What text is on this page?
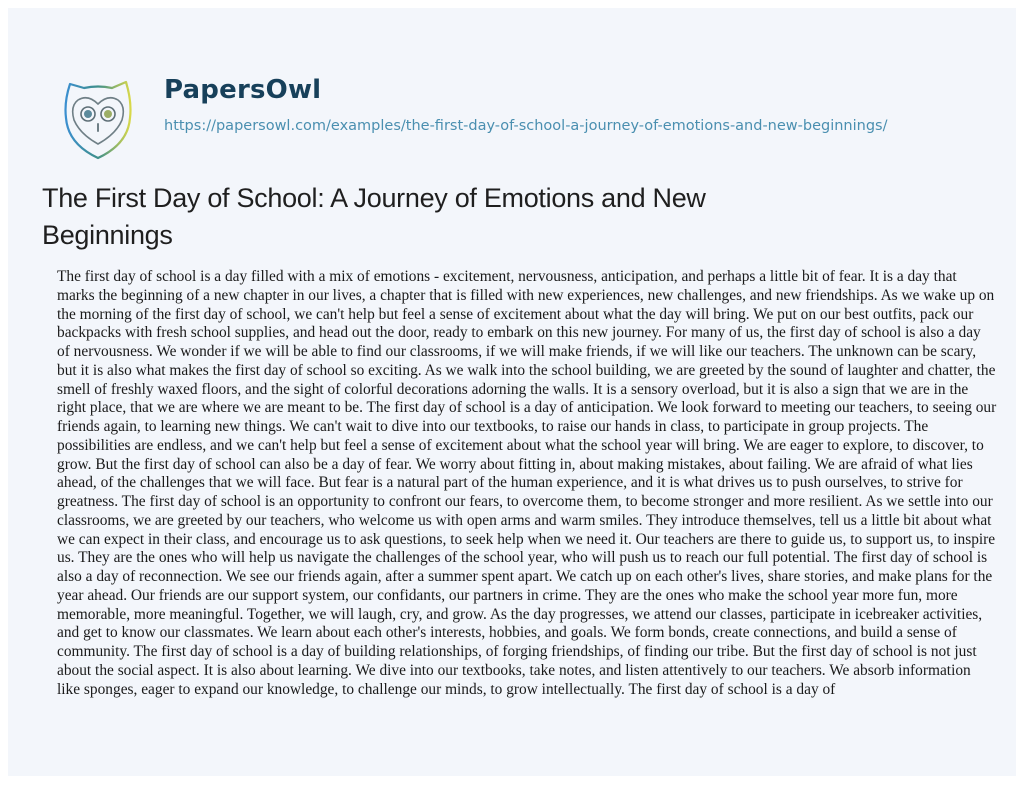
PapersOwl
https://papersowl.com/examples/the-first-day-of-school-a-journey-of-emotions-and-new-beginnings/
The First Day of School: A Journey of Emotions and New Beginnings

The first day of school is a day filled with a mix of emotions - excitement, nervousness, anticipation, and perhaps a little bit of fear. It is a day that marks the beginning of a new chapter in our lives, a chapter that is filled with new experiences, new challenges, and new friendships. As we wake up on the morning of the first day of school, we can't help but feel a sense of excitement about what the day will bring. We put on our best outfits, pack our backpacks with fresh school supplies, and head out the door, ready to embark on this new journey. For many of us, the first day of school is also a day of nervousness. We wonder if we will be able to find our classrooms, if we will make friends, if we will like our teachers. The unknown can be scary, but it is also what makes the first day of school so exciting. As we walk into the school building, we are greeted by the sound of laughter and chatter, the smell of freshly waxed floors, and the sight of colorful decorations adorning the walls. It is a sensory overload, but it is also a sign that we are in the right place, that we are where we are meant to be. The first day of school is a day of anticipation. We look forward to meeting our teachers, to seeing our friends again, to learning new things. We can't wait to dive into our textbooks, to raise our hands in class, to participate in group projects. The possibilities are endless, and we can't help but feel a sense of excitement about what the school year will bring. We are eager to explore, to discover, to grow. But the first day of school can also be a day of fear. We worry about fitting in, about making mistakes, about failing. We are afraid of what lies ahead, of the challenges that we will face. But fear is a natural part of the human experience, and it is what drives us to push ourselves, to strive for greatness. The first day of school is an opportunity to confront our fears, to overcome them, to become stronger and more resilient. As we settle into our classrooms, we are greeted by our teachers, who welcome us with open arms and warm smiles. They introduce themselves, tell us a little bit about what we can expect in their class, and encourage us to ask questions, to seek help when we need it. Our teachers are there to guide us, to support us, to inspire us. They are the ones who will help us navigate the challenges of the school year, who will push us to reach our full potential. The first day of school is also a day of reconnection. We see our friends again, after a summer spent apart. We catch up on each other's lives, share stories, and make plans for the year ahead. Our friends are our support system, our confidants, our partners in crime. They are the ones who make the school year more fun, more memorable, more meaningful. Together, we will laugh, cry, and grow. As the day progresses, we attend our classes, participate in icebreaker activities, and get to know our classmates. We learn about each other's interests, hobbies, and goals. We form bonds, create connections, and build a sense of community. The first day of school is a day of building relationships, of forging friendships, of finding our tribe. But the first day of school is not just about the social aspect. It is also about learning. We dive into our textbooks, take notes, and listen attentively to our teachers. We absorb information like sponges, eager to expand our knowledge, to challenge our minds, to grow intellectually. The first day of school is a day of
